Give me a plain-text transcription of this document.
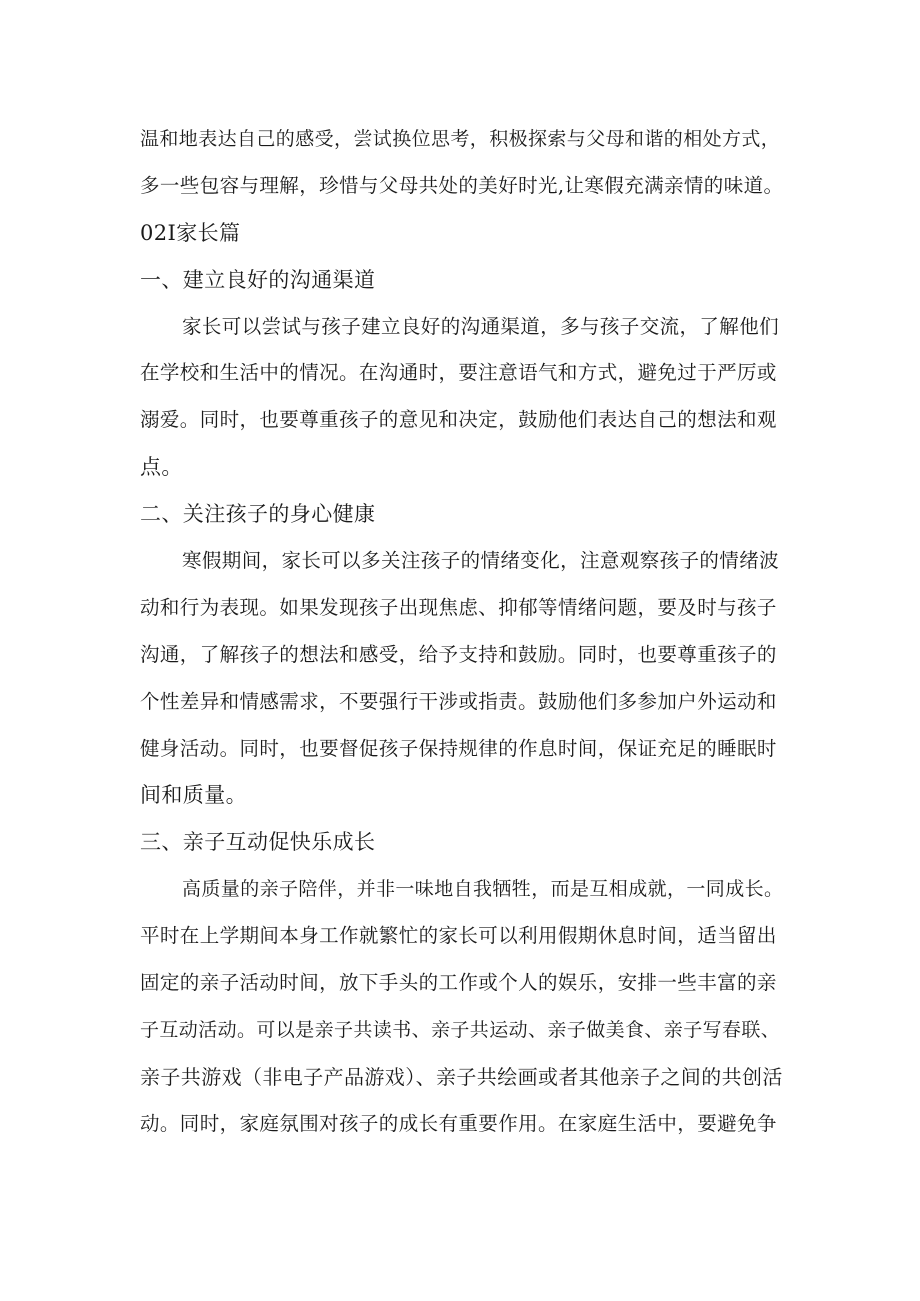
温和地表达自己的感受，尝试换位思考，积极探索与父母和谐的相处方式，
多一些包容与理解，珍惜与父母共处的美好时光,让寒假充满亲情的味道。
02I家长篇
一、建立良好的沟通渠道
家长可以尝试与孩子建立良好的沟通渠道，多与孩子交流，了解他们
在学校和生活中的情况。在沟通时，要注意语气和方式，避免过于严厉或
溺爱。同时，也要尊重孩子的意见和决定，鼓励他们表达自己的想法和观
点。
二、关注孩子的身心健康
寒假期间，家长可以多关注孩子的情绪变化，注意观察孩子的情绪波
动和行为表现。如果发现孩子出现焦虑、抑郁等情绪问题，要及时与孩子
沟通，了解孩子的想法和感受，给予支持和鼓励。同时，也要尊重孩子的
个性差异和情感需求，不要强行干涉或指责。鼓励他们多参加户外运动和
健身活动。同时，也要督促孩子保持规律的作息时间，保证充足的睡眠时
间和质量。
三、亲子互动促快乐成长
高质量的亲子陪伴，并非一味地自我牺牲，而是互相成就，一同成长。
平时在上学期间本身工作就繁忙的家长可以利用假期休息时间，适当留出
固定的亲子活动时间，放下手头的工作或个人的娱乐，安排一些丰富的亲
子互动活动。可以是亲子共读书、亲子共运动、亲子做美食、亲子写春联、
亲子共游戏（非电子产品游戏）、亲子共绘画或者其他亲子之间的共创活
动。同时，家庭氛围对孩子的成长有重要作用。在家庭生活中，要避免争
